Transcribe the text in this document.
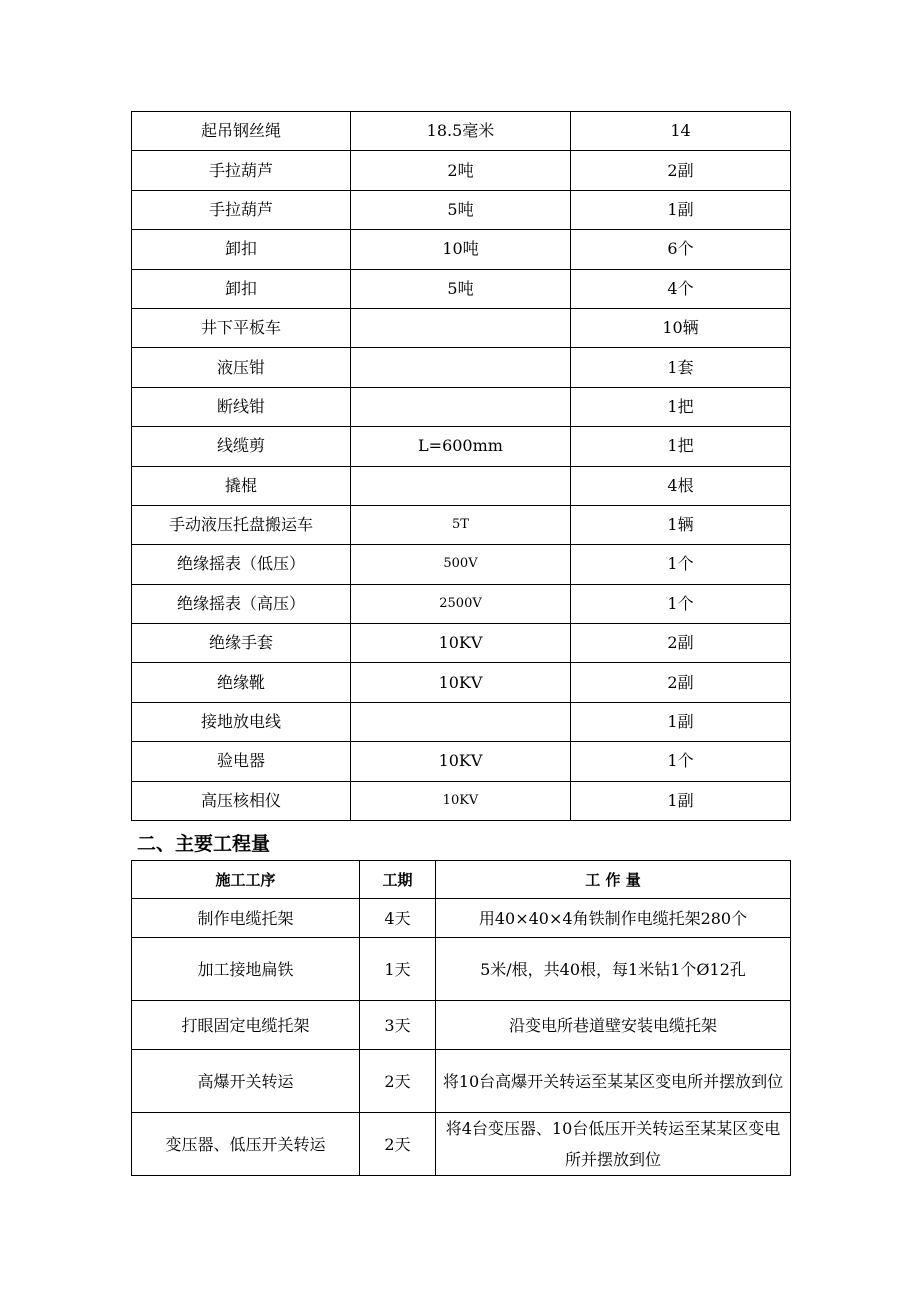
起吊钢丝绳	18.5毫米	14
手拉葫芦	2吨	2副
手拉葫芦	5吨	1副
卸扣	10吨	6个
卸扣	5吨	4个
井下平板车		10辆
液压钳		1套
断线钳		1把
线缆剪	L=600mm	1把
撬棍		4根
手动液压托盘搬运车	5T	1辆
绝缘摇表（低压）	500V	1个
绝缘摇表（高压）	2500V	1个
绝缘手套	10KV	2副
绝缘靴	10KV	2副
接地放电线		1副
验电器	10KV	1个
高压核相仪	10KV	1副
二、主要工程量
施工工序	工期	工 作 量
制作电缆托架	4天	用40×40×4角铁制作电缆托架280个
加工接地扁铁	1天	5米/根，共40根，每1米钻1个Ø12孔
打眼固定电缆托架	3天	沿变电所巷道壁安装电缆托架
高爆开关转运	2天	将10台高爆开关转运至某某区变电所并摆放到位
变压器、低压开关转运	2天	将4台变压器、10台低压开关转运至某某区变电所并摆放到位
